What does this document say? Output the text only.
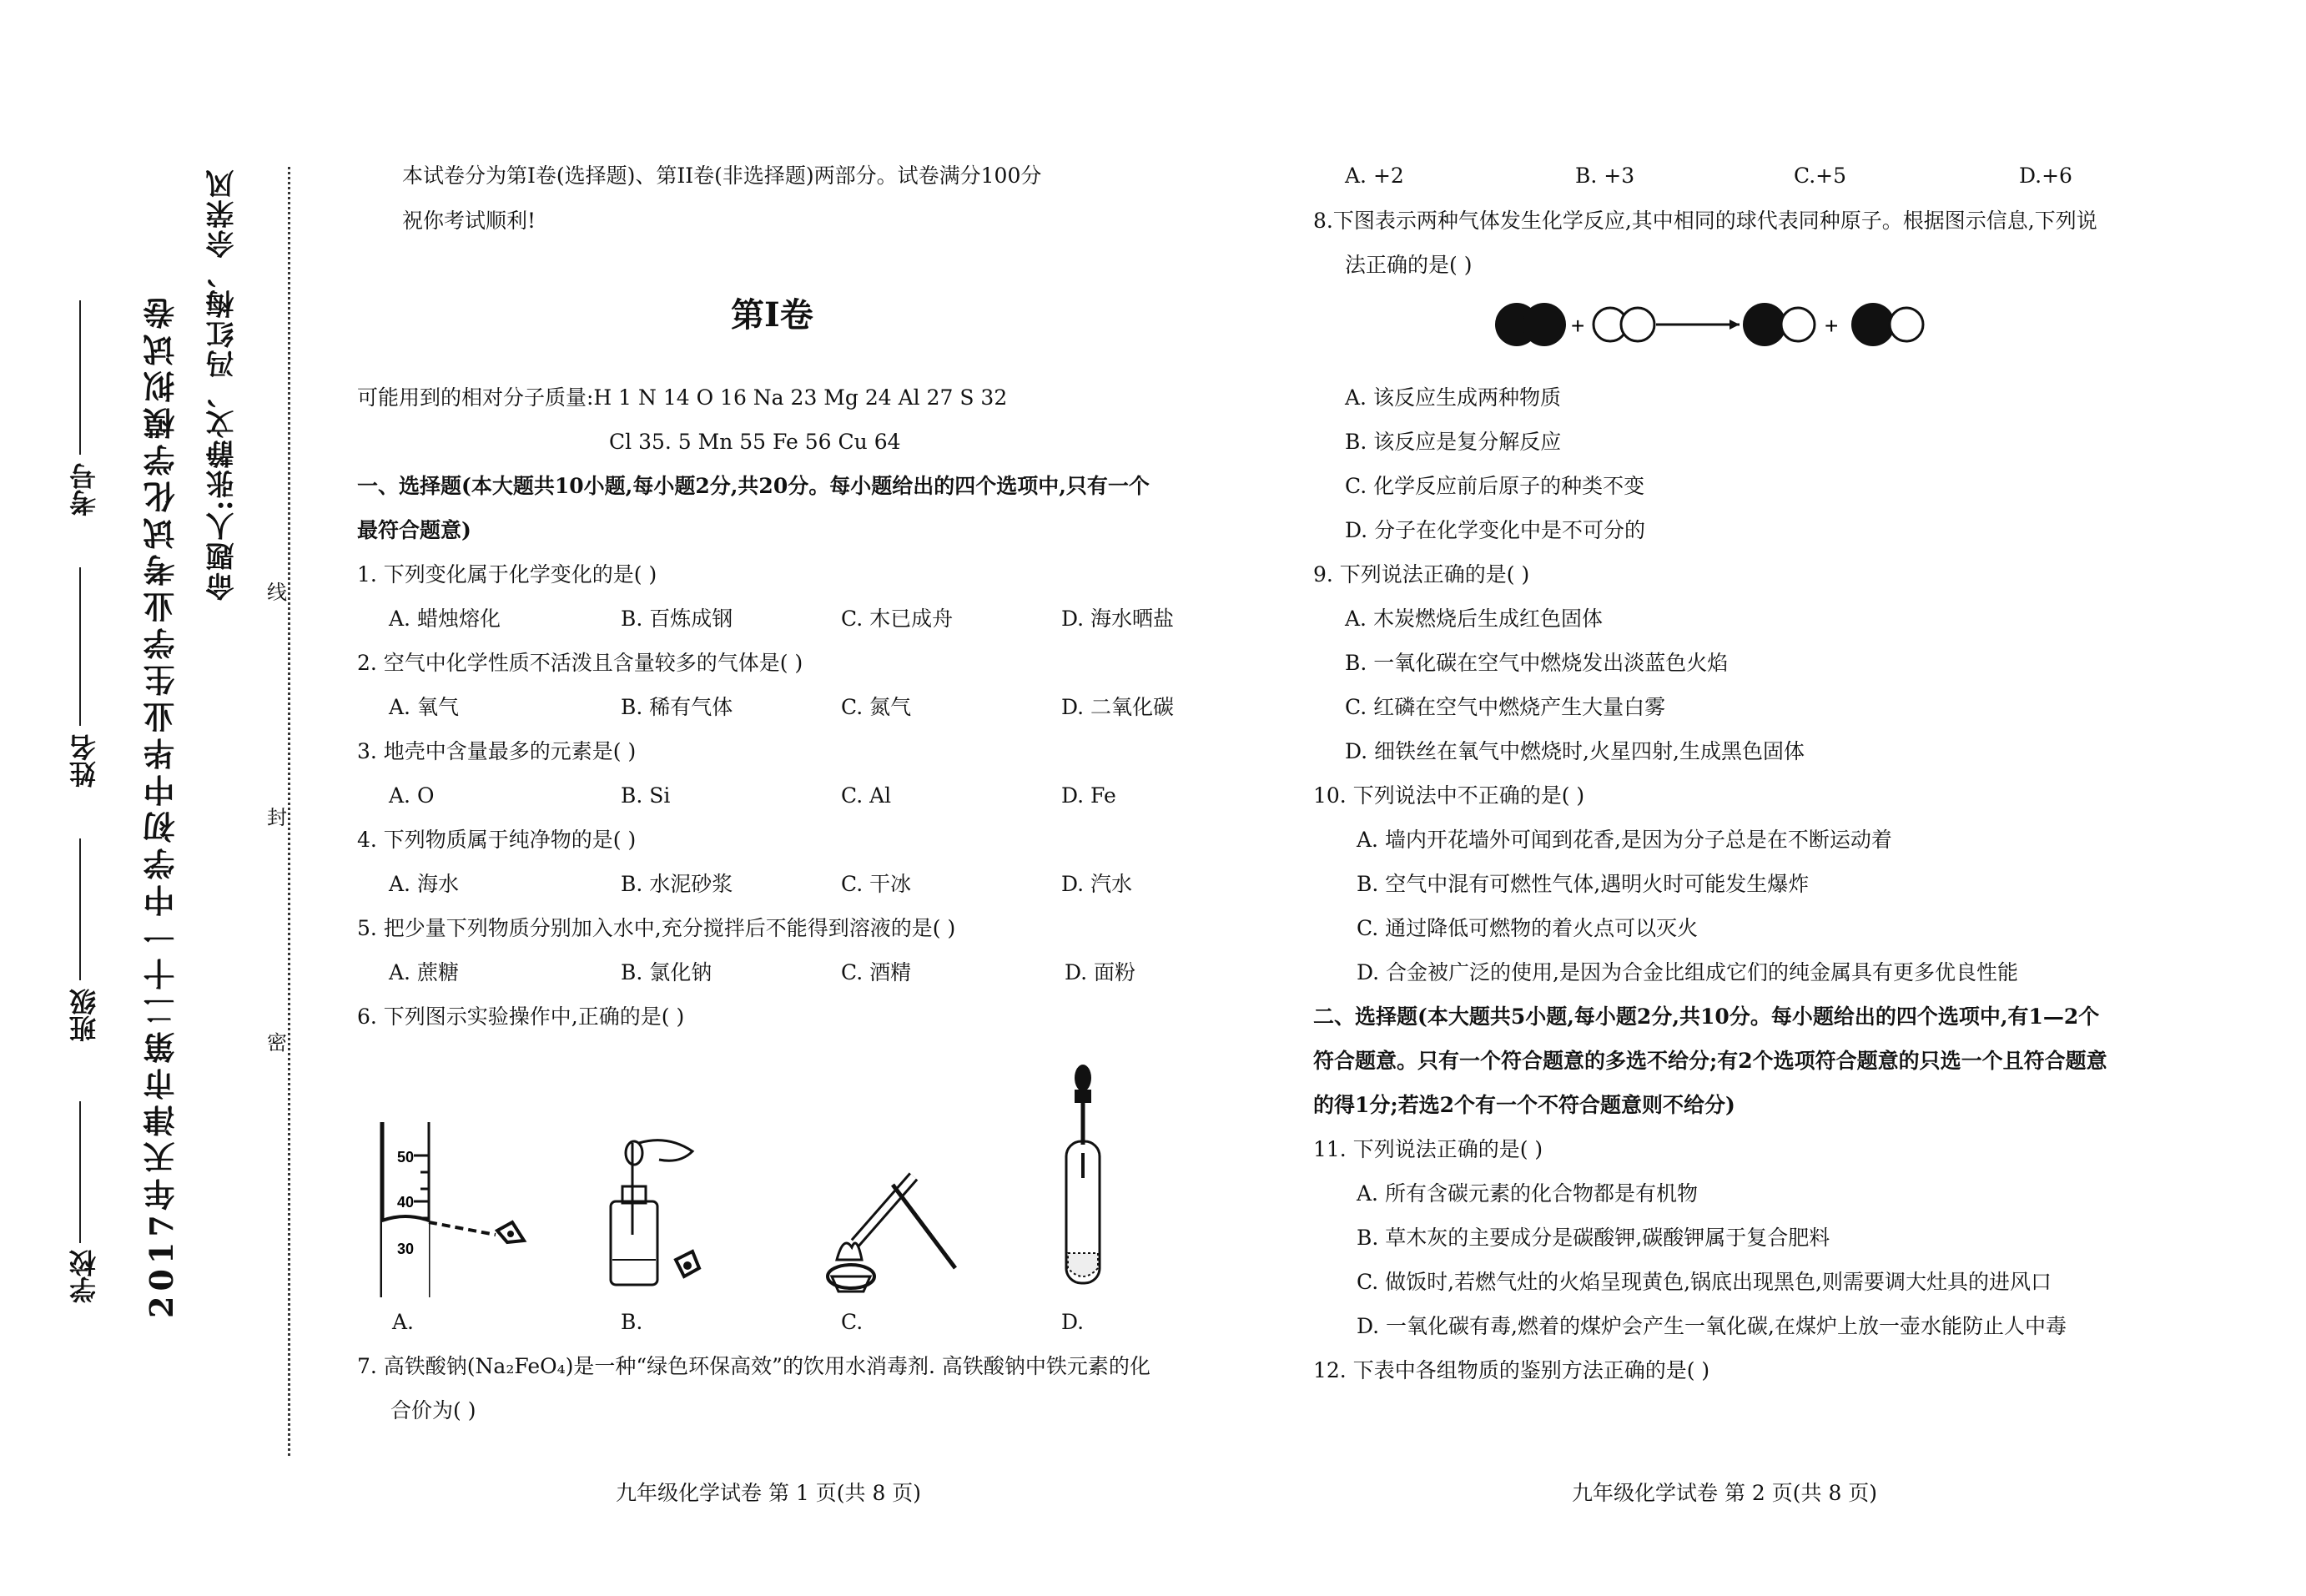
2017年天津市第二十一中学初中毕业生学业考试化学模拟试卷 命题人:张静文、冯红梅、佘荣风
学校
班级
姓名
考号
线
封
密
本试卷分为第Ⅰ卷(选择题)、第II卷(非选择题)两部分。试卷满分100分
祝你考试顺利!
第Ⅰ卷
可能用到的相对分子质量:H 1 N 14 O 16 Na 23 Mg 24 Al 27 S 32
Cl 35. 5 Mn 55 Fe 56 Cu 64
一、选择题(本大题共10小题,每小题2分,共20分。每小题给出的四个选项中,只有一个
最符合题意)
1. 下列变化属于化学变化的是( )
A. 蜡烛熔化	B. 百炼成钢	C. 木已成舟	D. 海水晒盐
2. 空气中化学性质不活泼且含量较多的气体是( )
A. 氧气	B. 稀有气体	C. 氮气	D. 二氧化碳
3. 地壳中含量最多的元素是( )
A. O	B. Si	C. Al	D. Fe
4. 下列物质属于纯净物的是( )
A. 海水	B. 水泥砂浆	C. 干冰	D. 汽水
5. 把少量下列物质分别加入水中,充分搅拌后不能得到溶液的是( )
A. 蔗糖	B. 氯化钠	C. 酒精	D. 面粉
6. 下列图示实验操作中,正确的是( )
50
40
30
A.	B.	C.	D.
7. 高铁酸钠(Na₂FeO₄)是一种“绿色环保高效”的饮用水消毒剂. 高铁酸钠中铁元素的化
合价为( )
九年级化学试卷 第 1 页(共 8 页)
A. +2	B. +3	C.+5	D.+6
8.下图表示两种气体发生化学反应,其中相同的球代表同种原子。根据图示信息,下列说
法正确的是( )
+	+
A. 该反应生成两种物质
B. 该反应是复分解反应
C. 化学反应前后原子的种类不变
D. 分子在化学变化中是不可分的
9. 下列说法正确的是( )
A. 木炭燃烧后生成红色固体
B. 一氧化碳在空气中燃烧发出淡蓝色火焰
C. 红磷在空气中燃烧产生大量白雾
D. 细铁丝在氧气中燃烧时,火星四射,生成黑色固体
10. 下列说法中不正确的是( )
A. 墙内开花墙外可闻到花香,是因为分子总是在不断运动着
B. 空气中混有可燃性气体,遇明火时可能发生爆炸
C. 通过降低可燃物的着火点可以灭火
D. 合金被广泛的使用,是因为合金比组成它们的纯金属具有更多优良性能
二、选择题(本大题共5小题,每小题2分,共10分。每小题给出的四个选项中,有1—2个
符合题意。只有一个符合题意的多选不给分;有2个选项符合题意的只选一个且符合题意
的得1分;若选2个有一个不符合题意则不给分)
11. 下列说法正确的是( )
A. 所有含碳元素的化合物都是有机物
B. 草木灰的主要成分是碳酸钾,碳酸钾属于复合肥料
C. 做饭时,若燃气灶的火焰呈现黄色,锅底出现黑色,则需要调大灶具的进风口
D. 一氧化碳有毒,燃着的煤炉会产生一氧化碳,在煤炉上放一壶水能防止人中毒
12. 下表中各组物质的鉴别方法正确的是( )
九年级化学试卷 第 2 页(共 8 页)
